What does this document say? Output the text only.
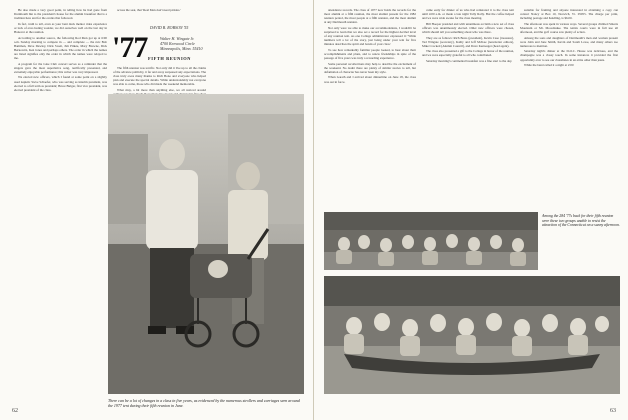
He also made a very good point, in telling how he had gone from Dartmouth Inn to the president's house for the alumni breakfast that is a tradition here and for the events that followed.

In fact, truth to tell, even as your bent duck mentor rides experience or lack of ever-lasting wonder, we did ourselves well on the last day in Hanover at the reunion.

According to another source, the following Rod Men got up at 6:00 a.m. Sunday morning to compete in — and complete — the run: Bob Bamman, Dave Dawley, Dick Swett, Jim Pinkie, Mary Browne, Dick Berkowitz, Ken Jones and perhaps others. The order in which the names are listed signifies only the order in which the names were relayed to me.

A program for the Glee Club concert serves as a reminder that the singers gave the most superlative song, terrifically presented, and extremely enjoyable performance; this writer was very impressed.

We elected new officers, which I found at some point on a slightly used napkin: Steve Schaefer, who was serving as interim president, was elected to a full term as president; Bruce Bulger, first vice president, was elected president of the class.

across the seat, that 'Real Men don't need pickles.'

DAVID B. ROBSON '55
'77	Walter H. Wingate Jr.
4700 Kenwood Circle
Minneapolis, Minn. 55410
FIFTH REUNION

The fifth reunion was terrific. Not only did it live up to all the claims of the advance publicity, it far and away surpassed any expectations. The class truly owes many thanks to Rich Bono and everyone who helped plan and execute the special details. While understandably not everyone was able to come, those who did made the weekend memorable.

What may, a bit more than anything else, we all noticed around

There can be a lot of changes in a class in five years, as evidenced by the numerous strollers and carriages seen around the 1977 tent during their fifth reunion in June.
62

attendance records. The class of 1977 now holds the records for the most alumni at a fifth reunion, the most alumni present for the 1982 reunion period, the most people at a fifth reunion, and the most alumni at any Dartmouth reunion.

Not only were we able to make our accommodations, I wouldn't be surprised to learn that we also set a record for the highest decibel level of any reunion tent. As one College administrator expressed it: 'While numbers tell a lot of the story, just being under your tent for five minutes describes the spirit and bonds of your class.'

To see how remarkably familiar people looked, to hear about their accomplishments and plans, and to renew friendships in spite of the passage of five years was truly a rewarding experience.

Some personal recollections may help to describe the excitement of the weekend. No doubt there are plenty of similar stories to tell, but defamation of character has never been my style.

When Gareth and I arrived about dinnertime on June 18, the class was out in force.

came early for dinner of us who had reinstated it to the class tent until 4:00 a.m. or made a late night Tally Rally. But the coffee helped and we were wide awake for the class meeting.

Bill Hooper presided and with unanimous acclaim a new set of class officers was unanimously elected. Other new officers were chosen, which should tell you something about who was there.

They are as follows: Rich Bono (president), Kevin Case (treasurer), Ted Wingate (secretary), Kathy and Jeff McKee (newsletter editors), Mike Crockett (Alumni Council), and Dave Kerneager (head agent).

The class also presented a gift to the College in honor of the reunion, and we were especially grateful to all who contributed.

Saturday morning's continental breakfast was a fine start to the day.

suitable for framing and anyone interested in obtaining a copy can contact Nancy at Box 10, Norwich, Vt. 05055. The charge per print, including postage and handling, is $6.00.

The afternoon was spent in various ways. Several groups climbed Smarts Mountain or Mt. Moosilauke. The tennis courts were in full use all afternoon, and the golf course saw plenty of action.

Among the sons and daughters of Dartmouth's men and women present were John and Jane Smith, Kevin and Sarah Lowe, and many others too numerous to mention.

Saturday night's dinner at the D.O.C. House was delicious, and the champagne was a classy touch. In some instances it provided the first opportunity ever to see our classmates in an attire other than jeans.

While the band called it a night at 2:00

Among the 284 '77s back for their fifth reunion were these two groups unable to resist the attraction of the Connecticut on a sunny afternoon.
63
